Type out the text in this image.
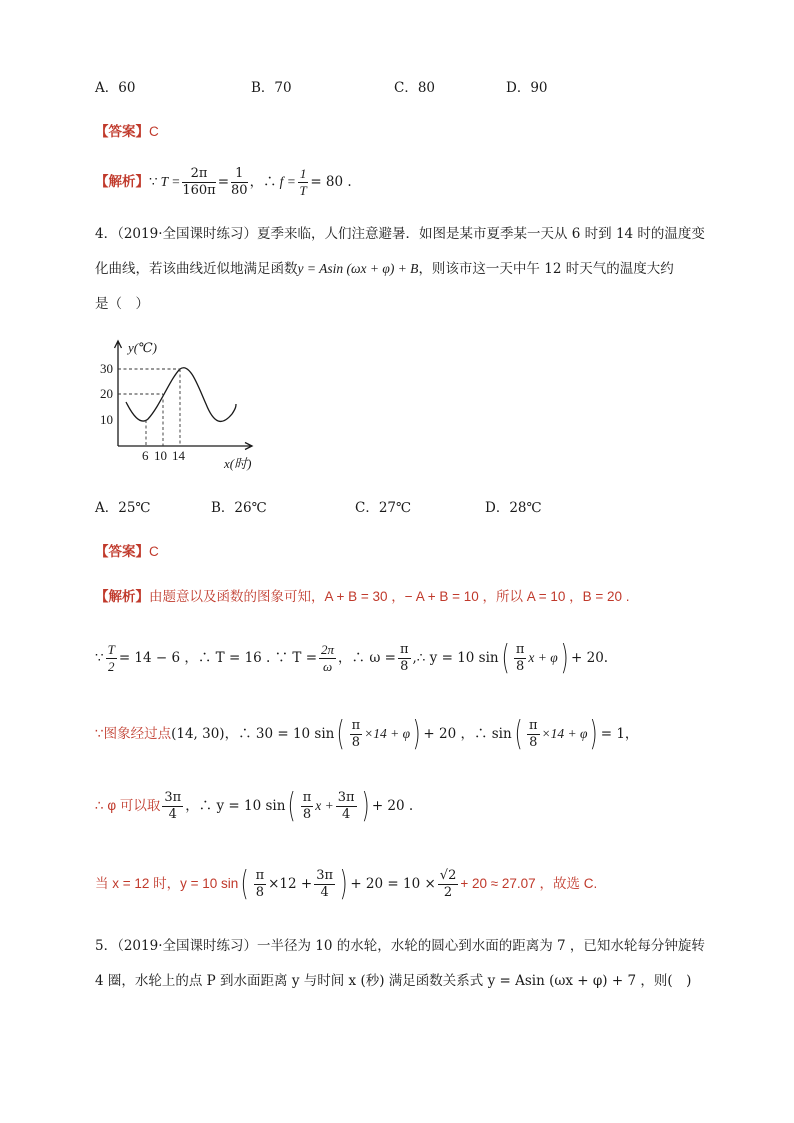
A．60	B．70	C．80	D．90
【答案】C
【解析】 ∵ $T = \frac{2\pi}{160\pi} = \frac{1}{80}$ ，∴ $f = \frac{1}{T} = 80$ .
4．（2019·全国课时练习）夏季来临，人们注意避暑．如图是某市夏季某一天从 6 时到 14 时的温度变
化曲线，若该曲线近似地满足函数y = Asin (ωx + φ) + B，则该市这一天中午 12 时天气的温度大约
是（　）
y(℃)
30
20
10
6 10 14
x(时)
A．25℃	B．26℃	C．27℃	D．28℃
【答案】C
【解析】由题意以及函数的图象可知，A + B = 30 ，− A + B = 10 ，所以 A = 10 ，B = 20 .
∵ $\frac{T}{2} = 14 - 6$ ，∴ T = 16 . ∵ $T = \frac{2\pi}{\omega}$ ，∴ $\omega = \frac{\pi}{8}$ ,∴ y = 10 sin ( $\frac{\pi}{8}$ x + φ ) + 20.
∵图象经过点 (14, 30) ，∴ 30 = 10 sin ( $\frac{\pi}{8} \times 14 + \varphi$ ) + 20 ，∴ sin ( $\frac{\pi}{8} \times 14 + \varphi$ ) = 1，
∴ φ 可以取 $\frac{3\pi}{4}$ ，∴ y = 10 sin ( $\frac{\pi}{8}$ $x + \frac{3\pi}{4}$ ) + 20 .
当 x = 12 时，y = 10 sin ( $\frac{\pi}{8} \times 12 + \frac{3\pi}{4}$ ) + $20 = 10 \times \frac{√2}{2} + 20 \approx 27.07$ ，故选 C.
5．（2019·全国课时练习）一半径为 10 的水轮，水轮的圆心到水面的距离为 7 ，已知水轮每分钟旋转
4 圈，水轮上的点 P 到水面距离 y 与时间 x (秒) 满足函数关系式 y = Asin (ωx + φ) + 7 ，则(　)
